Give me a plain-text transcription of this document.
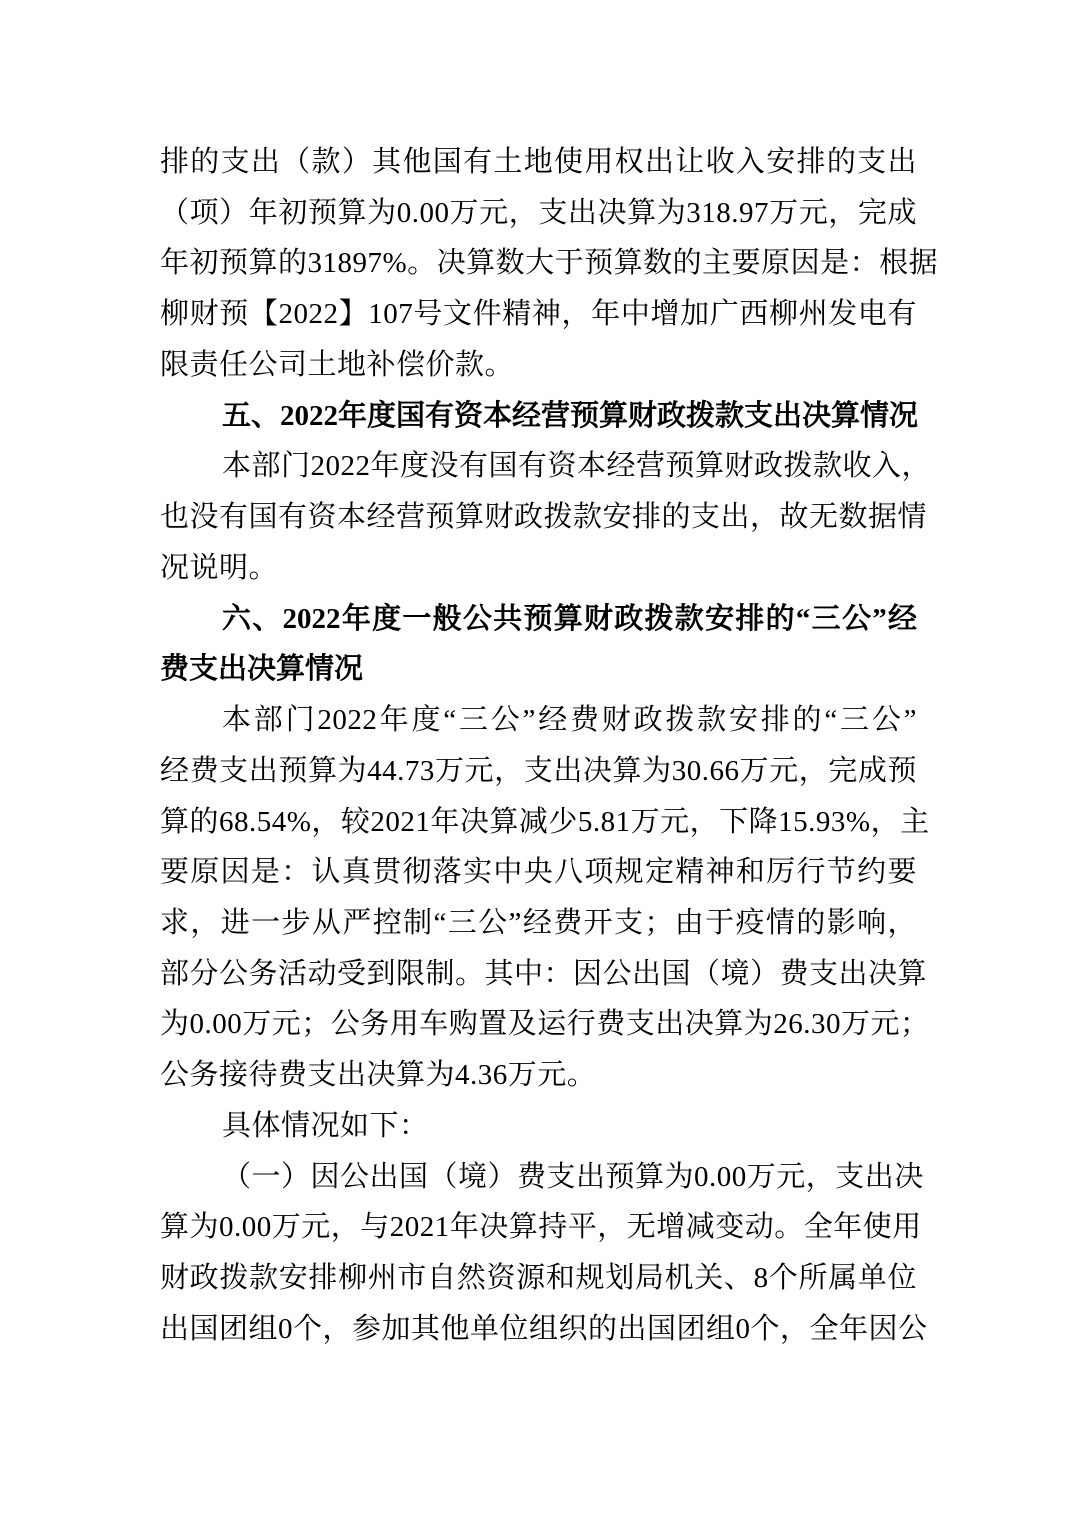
排的支出（款）其他国有土地使用权出让收入安排的支出
（项）年初预算为0.00万元，支出决算为318.97万元，完成
年初预算的31897%。决算数大于预算数的主要原因是：根据
柳财预【2022】107号文件精神，年中增加广西柳州发电有
限责任公司土地补偿价款。
五、2022年度国有资本经营预算财政拨款支出决算情况
本部门2022年度没有国有资本经营预算财政拨款收入，
也没有国有资本经营预算财政拨款安排的支出，故无数据情
况说明。
六、2022年度一般公共预算财政拨款安排的“三公”经
费支出决算情况
本部门2022年度“三公”经费财政拨款安排的“三公”
经费支出预算为44.73万元，支出决算为30.66万元，完成预
算的68.54%，较2021年决算减少5.81万元，下降15.93%，主
要原因是：认真贯彻落实中央八项规定精神和厉行节约要
求，进一步从严控制“三公”经费开支；由于疫情的影响，
部分公务活动受到限制。其中：因公出国（境）费支出决算
为0.00万元；公务用车购置及运行费支出决算为26.30万元；
公务接待费支出决算为4.36万元。
具体情况如下：
（一）因公出国（境）费支出预算为0.00万元，支出决
算为0.00万元，与2021年决算持平，无增减变动。全年使用
财政拨款安排柳州市自然资源和规划局机关、8个所属单位
出国团组0个，参加其他单位组织的出国团组0个，全年因公
